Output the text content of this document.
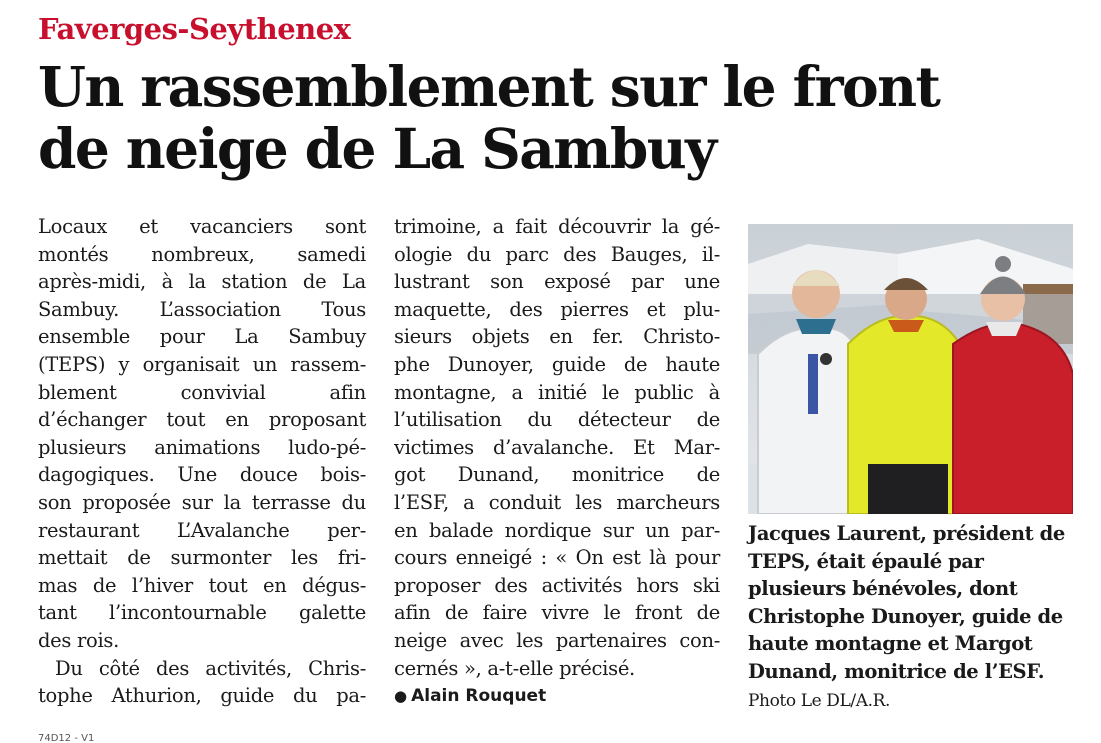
Faverges-Seythenex
Un rassemblement sur le front
de neige de La Sambuy
Locaux et vacanciers sont
montés nombreux, samedi
après-midi, à la station de La
Sambuy. L’association Tous
ensemble pour La Sambuy
(TEPS) y organisait un rassem-
blement convivial afin
d’échanger tout en proposant
plusieurs animations ludo-pé-
dagogiques. Une douce bois-
son proposée sur la terrasse du
restaurant L’Avalanche per-
mettait de surmonter les fri-
mas de l’hiver tout en dégus-
tant l’incontournable galette
des rois.
Du côté des activités, Chris-
tophe Athurion, guide du pa-
trimoine, a fait découvrir la gé-
ologie du parc des Bauges, il-
lustrant son exposé par une
maquette, des pierres et plu-
sieurs objets en fer. Christo-
phe Dunoyer, guide de haute
montagne, a initié le public à
l’utilisation du détecteur de
victimes d’avalanche. Et Mar-
got Dunand, monitrice de
l’ESF, a conduit les marcheurs
en balade nordique sur un par-
cours enneigé : « On est là pour
proposer des activités hors ski
afin de faire vivre le front de
neige avec les partenaires con-
cernés », a-t-elle précisé.
● Alain Rouquet
Jacques Laurent, président de TEPS, était épaulé par plusieurs bénévoles, dont Christophe Dunoyer, guide de haute montagne et Margot Dunand, monitrice de l’ESF. Photo Le DL/A.R.
74D12 - V1
